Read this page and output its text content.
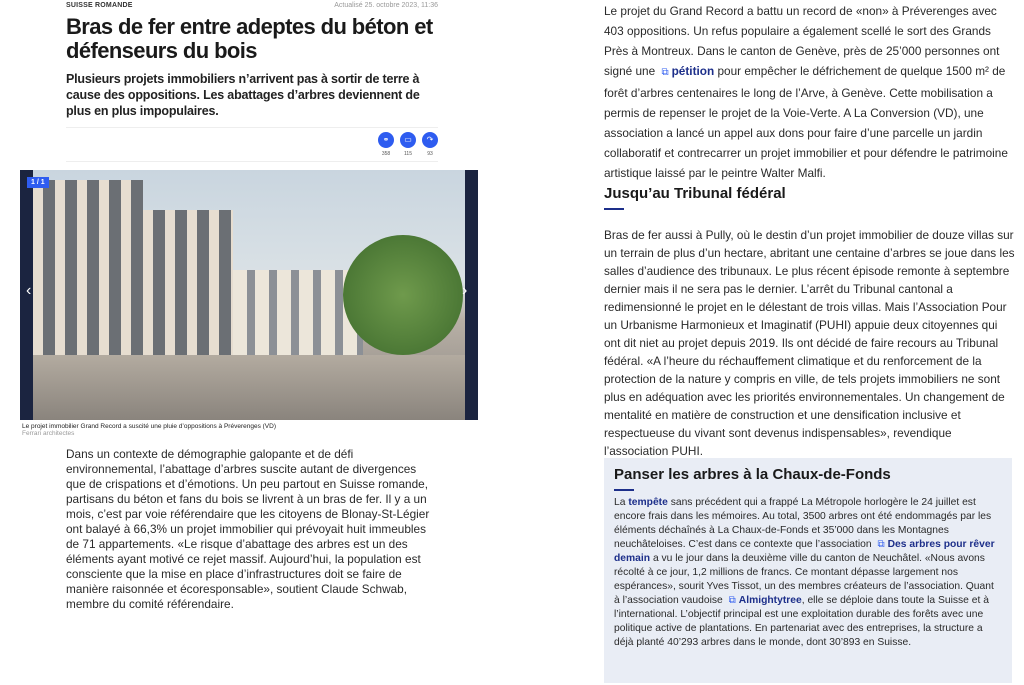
SUISSE ROMANDE	Actualisé 25. octobre 2023, 11:36
Bras de fer entre adeptes du béton et défenseurs du bois
Plusieurs projets immobiliers n’arrivent pas à sortir de terre à cause des oppositions. Les abattages d’arbres deviennent de plus en plus impopulaires.
⚭
358
▭
115
↷
93
1 / 1
‹	›
Le projet immobilier Grand Record a suscité une pluie d’oppositions à Préverenges (VD)
Ferrari architectes

Dans un contexte de démographie galopante et de défi environnemental, l’abattage d’arbres suscite autant de divergences que de crispations et d’émotions. Un peu partout en Suisse romande, partisans du béton et fans du bois se livrent à un bras de fer. Il y a un mois, c’est par voie référendaire que les citoyens de Blonay-St-Légier ont balayé à 66,3% un projet immobilier qui prévoyait huit immeubles de 71 appartements. «Le risque d’abattage des arbres est un des éléments ayant motivé ce rejet massif. Aujourd’hui, la population est consciente que la mise en place d’infrastructures doit se faire de manière raisonnée et écoresponsable», soutient Claude Schwab, membre du comité référendaire.

Le projet du Grand Record a battu un record de «non» à Préverenges avec 403 oppositions. Un refus populaire a également scellé le sort des Grands Près à Montreux. Dans le canton de Genève, près de 25’000 personnes ont signé une ⧉ pétition pour empêcher le défrichement de quelque 1500 m² de forêt d’arbres centenaires le long de l’Arve, à Genève. Cette mobilisation a permis de repenser le projet de la Voie-Verte. A La Conversion (VD), une association a lancé un appel aux dons pour faire d’une parcelle un jardin collaboratif et contrecarrer un projet immobilier et pour défendre le patrimoine artistique laissé par le peintre Walter Malfi.

Jusqu’au Tribunal fédéral

Bras de fer aussi à Pully, où le destin d’un projet immobilier de douze villas sur un terrain de plus d’un hectare, abritant une centaine d’arbres se joue dans les salles d’audience des tribunaux. Le plus récent épisode remonte à septembre dernier mais il ne sera pas le dernier. L’arrêt du Tribunal cantonal a redimensionné le projet en le délestant de trois villas. Mais l’Association Pour un Urbanisme Harmonieux et Imaginatif (PUHI) appuie deux citoyennes qui ont dit niet au projet depuis 2019. Ils ont décidé de faire recours au Tribunal fédéral. «A l’heure du réchauffement climatique et du renforcement de la protection de la nature y compris en ville, de tels projets immobiliers ne sont plus en adéquation avec les priorités environnementales. Un changement de mentalité en matière de construction et une densification inclusive et respectueuse du vivant sont devenus indispensables», revendique l’association PUHI.

Panser les arbres à la Chaux-de-Fonds

La tempête sans précédent qui a frappé La Métropole horlogère le 24 juillet est encore frais dans les mémoires. Au total, 3500 arbres ont été endommagés par les éléments déchaînés à La Chaux-de-Fonds et 35’000 dans les Montagnes neuchâteloises. C’est dans ce contexte que l’association ⧉ Des arbres pour rêver demain a vu le jour dans la deuxième ville du canton de Neuchâtel. «Nous avons récolté à ce jour, 1,2 millions de francs. Ce montant dépasse largement nos espérances», sourit Yves Tissot, un des membres créateurs de l’association. Quant à l’association vaudoise ⧉ Almightytree, elle se déploie dans toute la Suisse et à l’international. L’objectif principal est une exploitation durable des forêts avec une politique active de plantations. En partenariat avec des entreprises, la structure a déjà planté 40’293 arbres dans le monde, dont 30’893 en Suisse.
